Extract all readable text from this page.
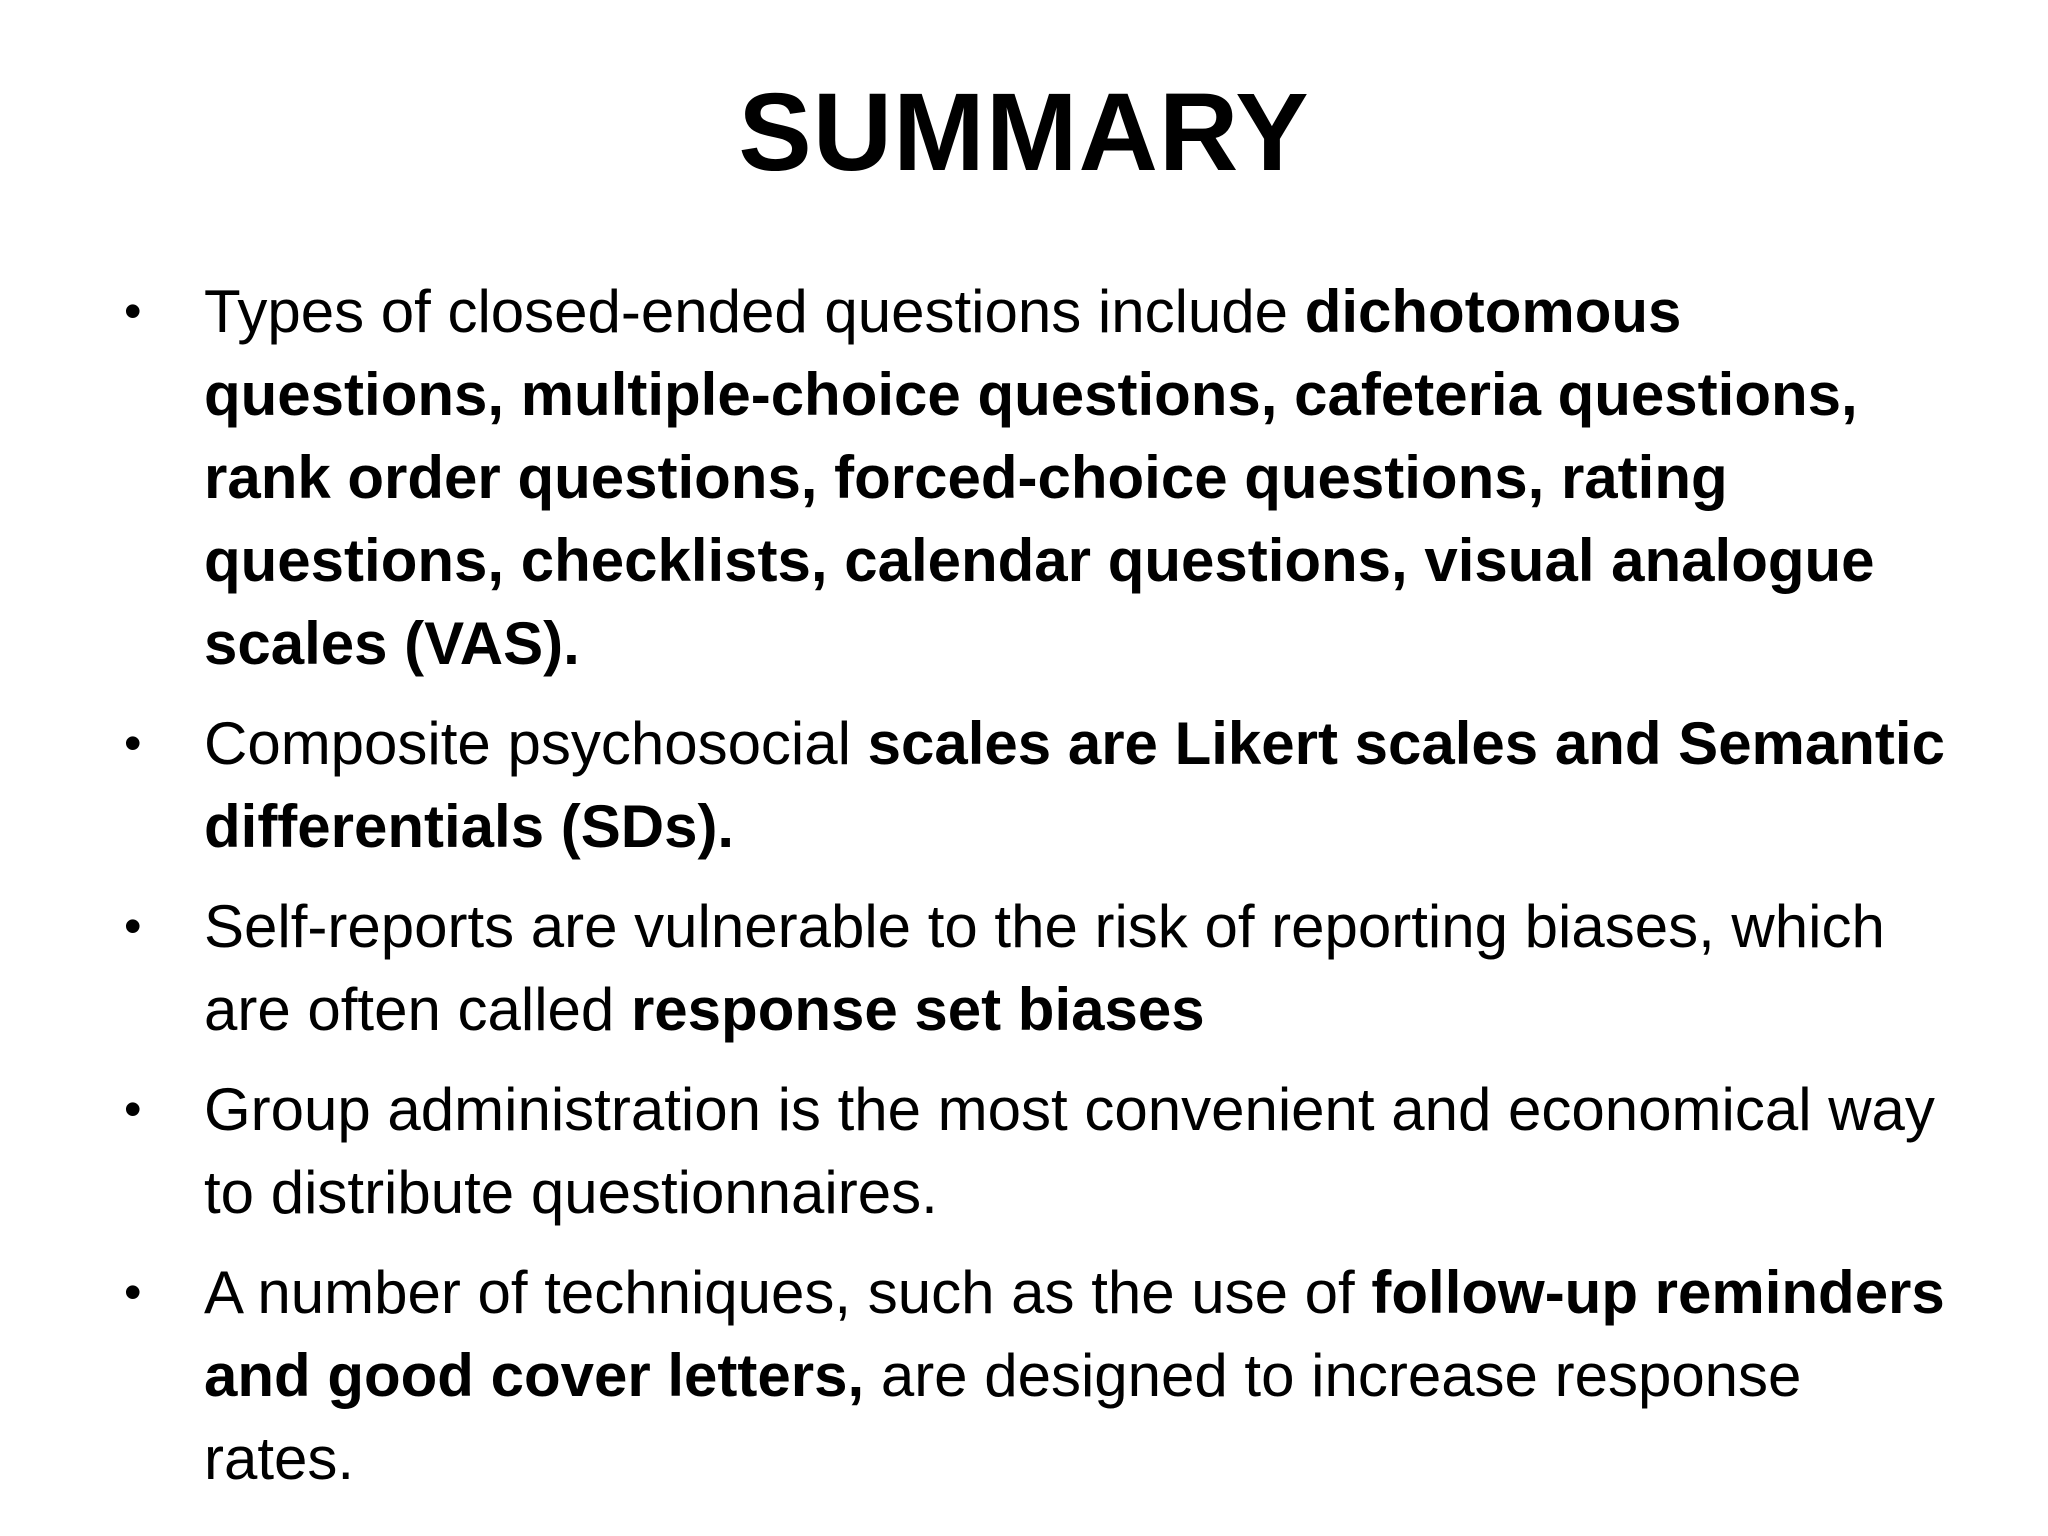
SUMMARY
• Types of closed-ended questions include dichotomous questions, multiple-choice questions, cafeteria questions, rank order questions, forced-choice questions, rating questions, checklists, calendar questions, visual analogue scales (VAS).
• Composite psychosocial scales are Likert scales and Semantic differentials (SDs).
• Self-reports are vulnerable to the risk of reporting biases, which are often called response set biases
• Group administration is the most convenient and economical way to distribute questionnaires.
• A number of techniques, such as the use of follow-up reminders and good cover letters, are designed to increase response rates.
